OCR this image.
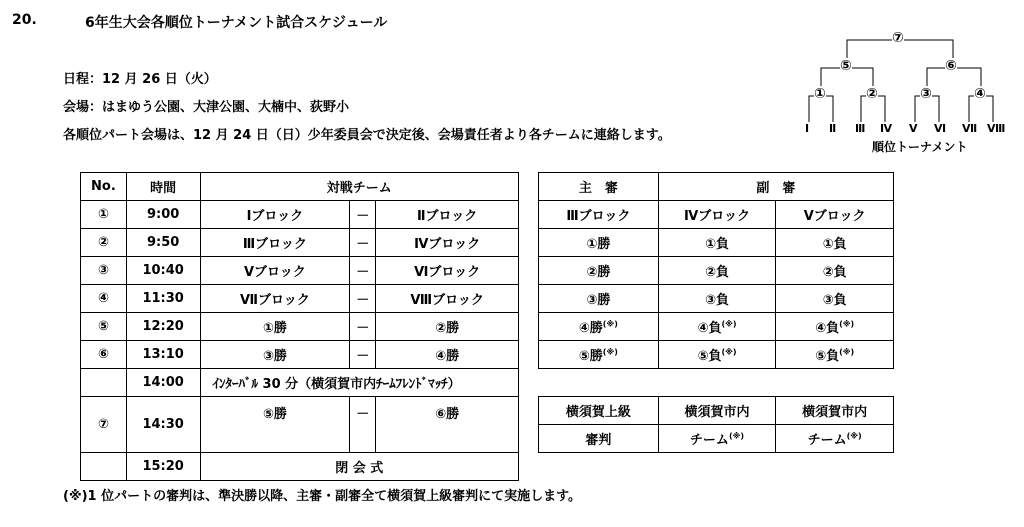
20.	6年生大会各順位トーナメント試合スケジュール
日程：12 月 26 日（火）
会場：はまゆう公園、大津公園、大楠中、荻野小
各順位パート会場は、12 月 24 日（日）少年委員会で決定後、会場責任者より各チームに連絡します。
⑦
⑤	⑥
①	②	③	④
Ⅰ Ⅱ Ⅲ Ⅳ Ⅴ Ⅵ Ⅶ Ⅷ
順位トーナメント
No.	時間	対戦チーム		
①	9:00	Ⅰブロック	－	Ⅱブロック
②	9:50	Ⅲブロック	－	Ⅳブロック
③	10:40	Ⅴブロック	－	Ⅵブロック
④	11:30	Ⅶブロック	－	Ⅷブロック
⑤	12:20	①勝	－	②勝
⑥	13:10	③勝	－	④勝
	14:00	ｲﾝﾀｰﾊﾞﾙ 30 分（横須賀市内ﾁｰﾑﾌﾚﾝﾄﾞﾏｯﾁ）		
⑦	14:30	⑤勝	－	⑥勝
	15:20	閉 会 式		
主　審	副　審	
Ⅲブロック	Ⅳブロック	Ⅴブロック
①勝	①負	①負
②勝	②負	②負
③勝	③負	③負
④勝(※)	④負(※)	④負(※)
⑤勝(※)	⑤負(※)	⑤負(※)
横須賀上級	横須賀市内	横須賀市内
審判	チーム(※)	チーム(※)
(※)1 位パートの審判は、準決勝以降、主審・副審全て横須賀上級審判にて実施します。
